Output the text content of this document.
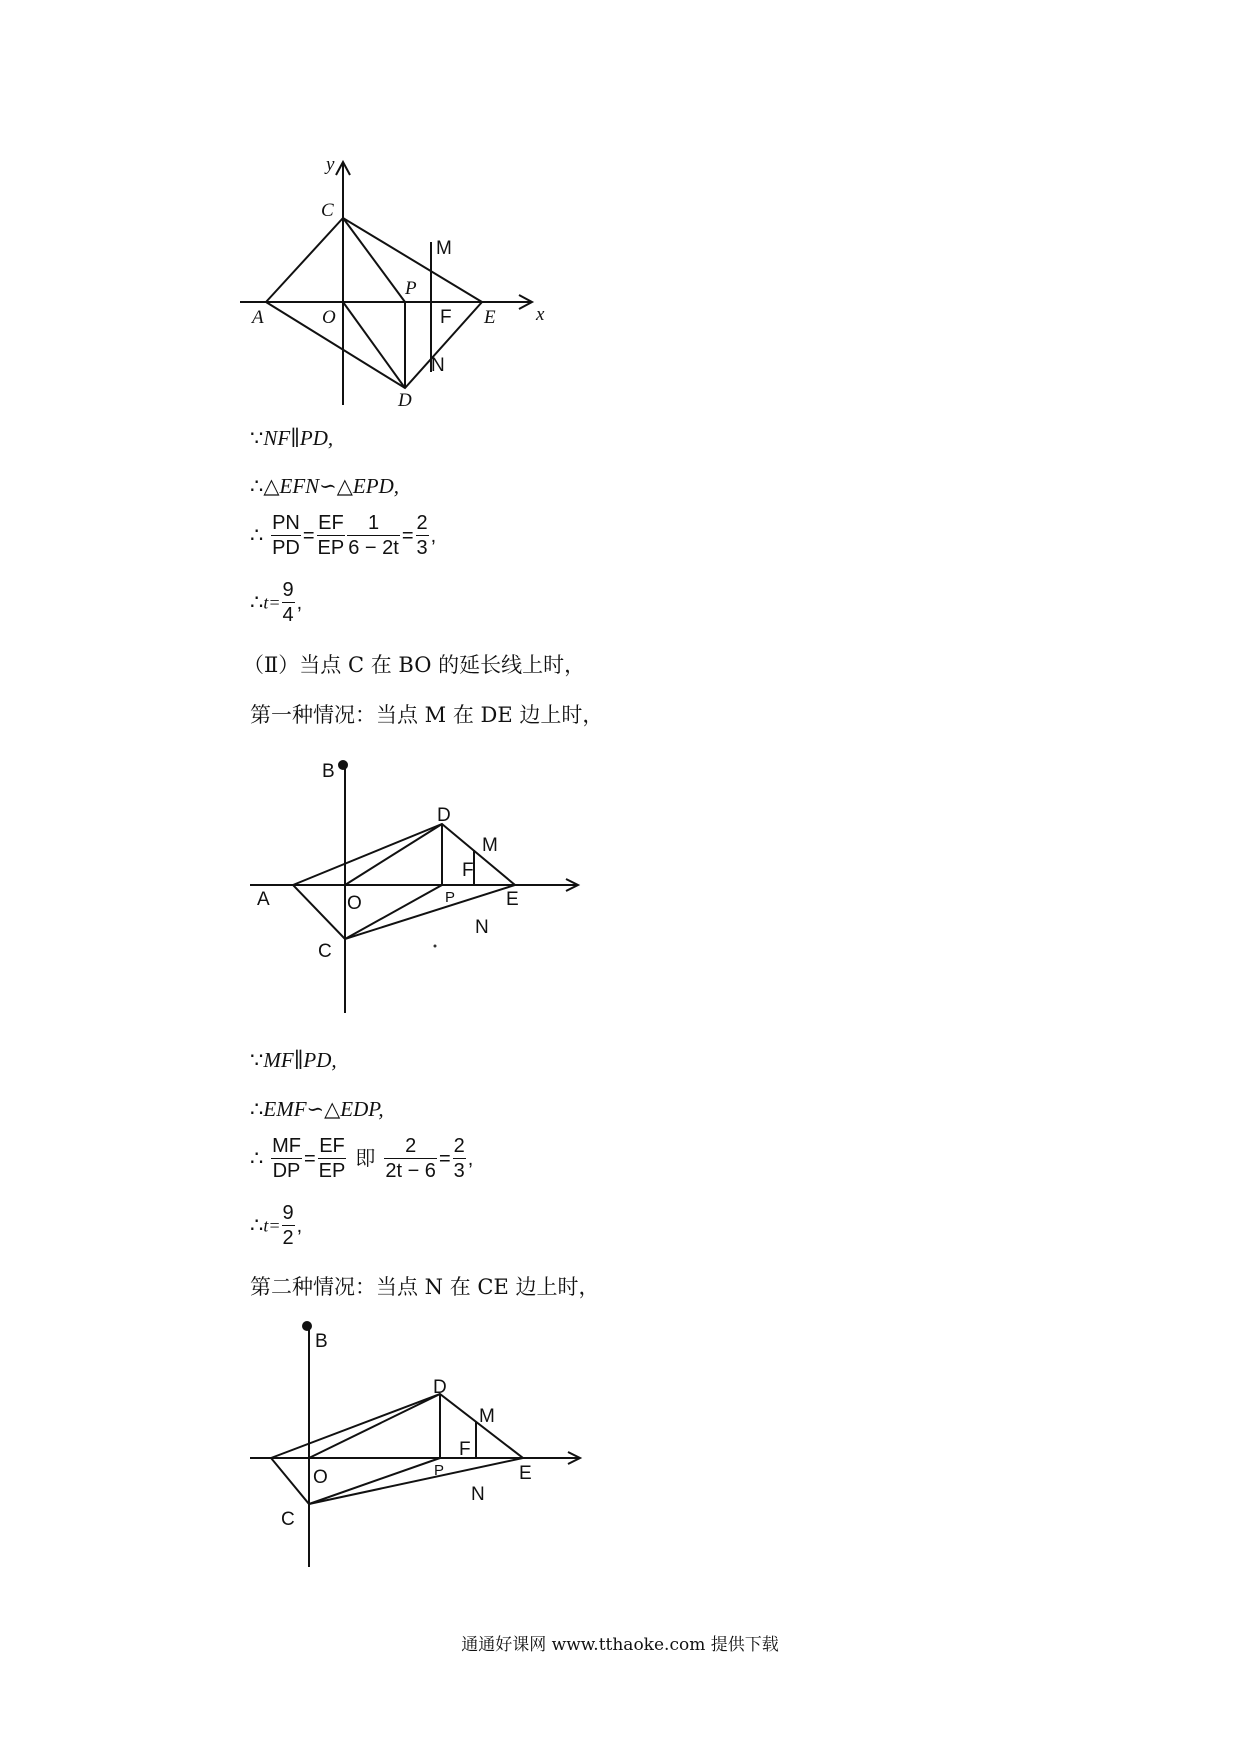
y
x
C
M
P
A	O	F E
N
D
∵NF∥PD,
∴△EFN∽△EPD,
∴ $\frac{PN}{PD} = \frac{EF}{EP} \frac{1}{6 - 2t} = \frac{2}{3}$ ,
∴t= $\frac{9}{4}$ ,
（Ⅱ）当点 C 在 BO 的延长线上时，
第一种情况：当点 M 在 DE 边上时，
B
D
M
F
A	O	P	E
N
C
∵MF∥PD,
∴EMF∽△EDP,
∴ $\frac{MF}{DP} = \frac{EF}{EP}$ 即 $\frac{2}{2t - 6} = \frac{2}{3}$ ,
∴t= $\frac{9}{2}$ ,
第二种情况：当点 N 在 CE 边上时，
B
D
M
F
O	P	E
N
C
通通好课网 www.tthaoke.com 提供下载
